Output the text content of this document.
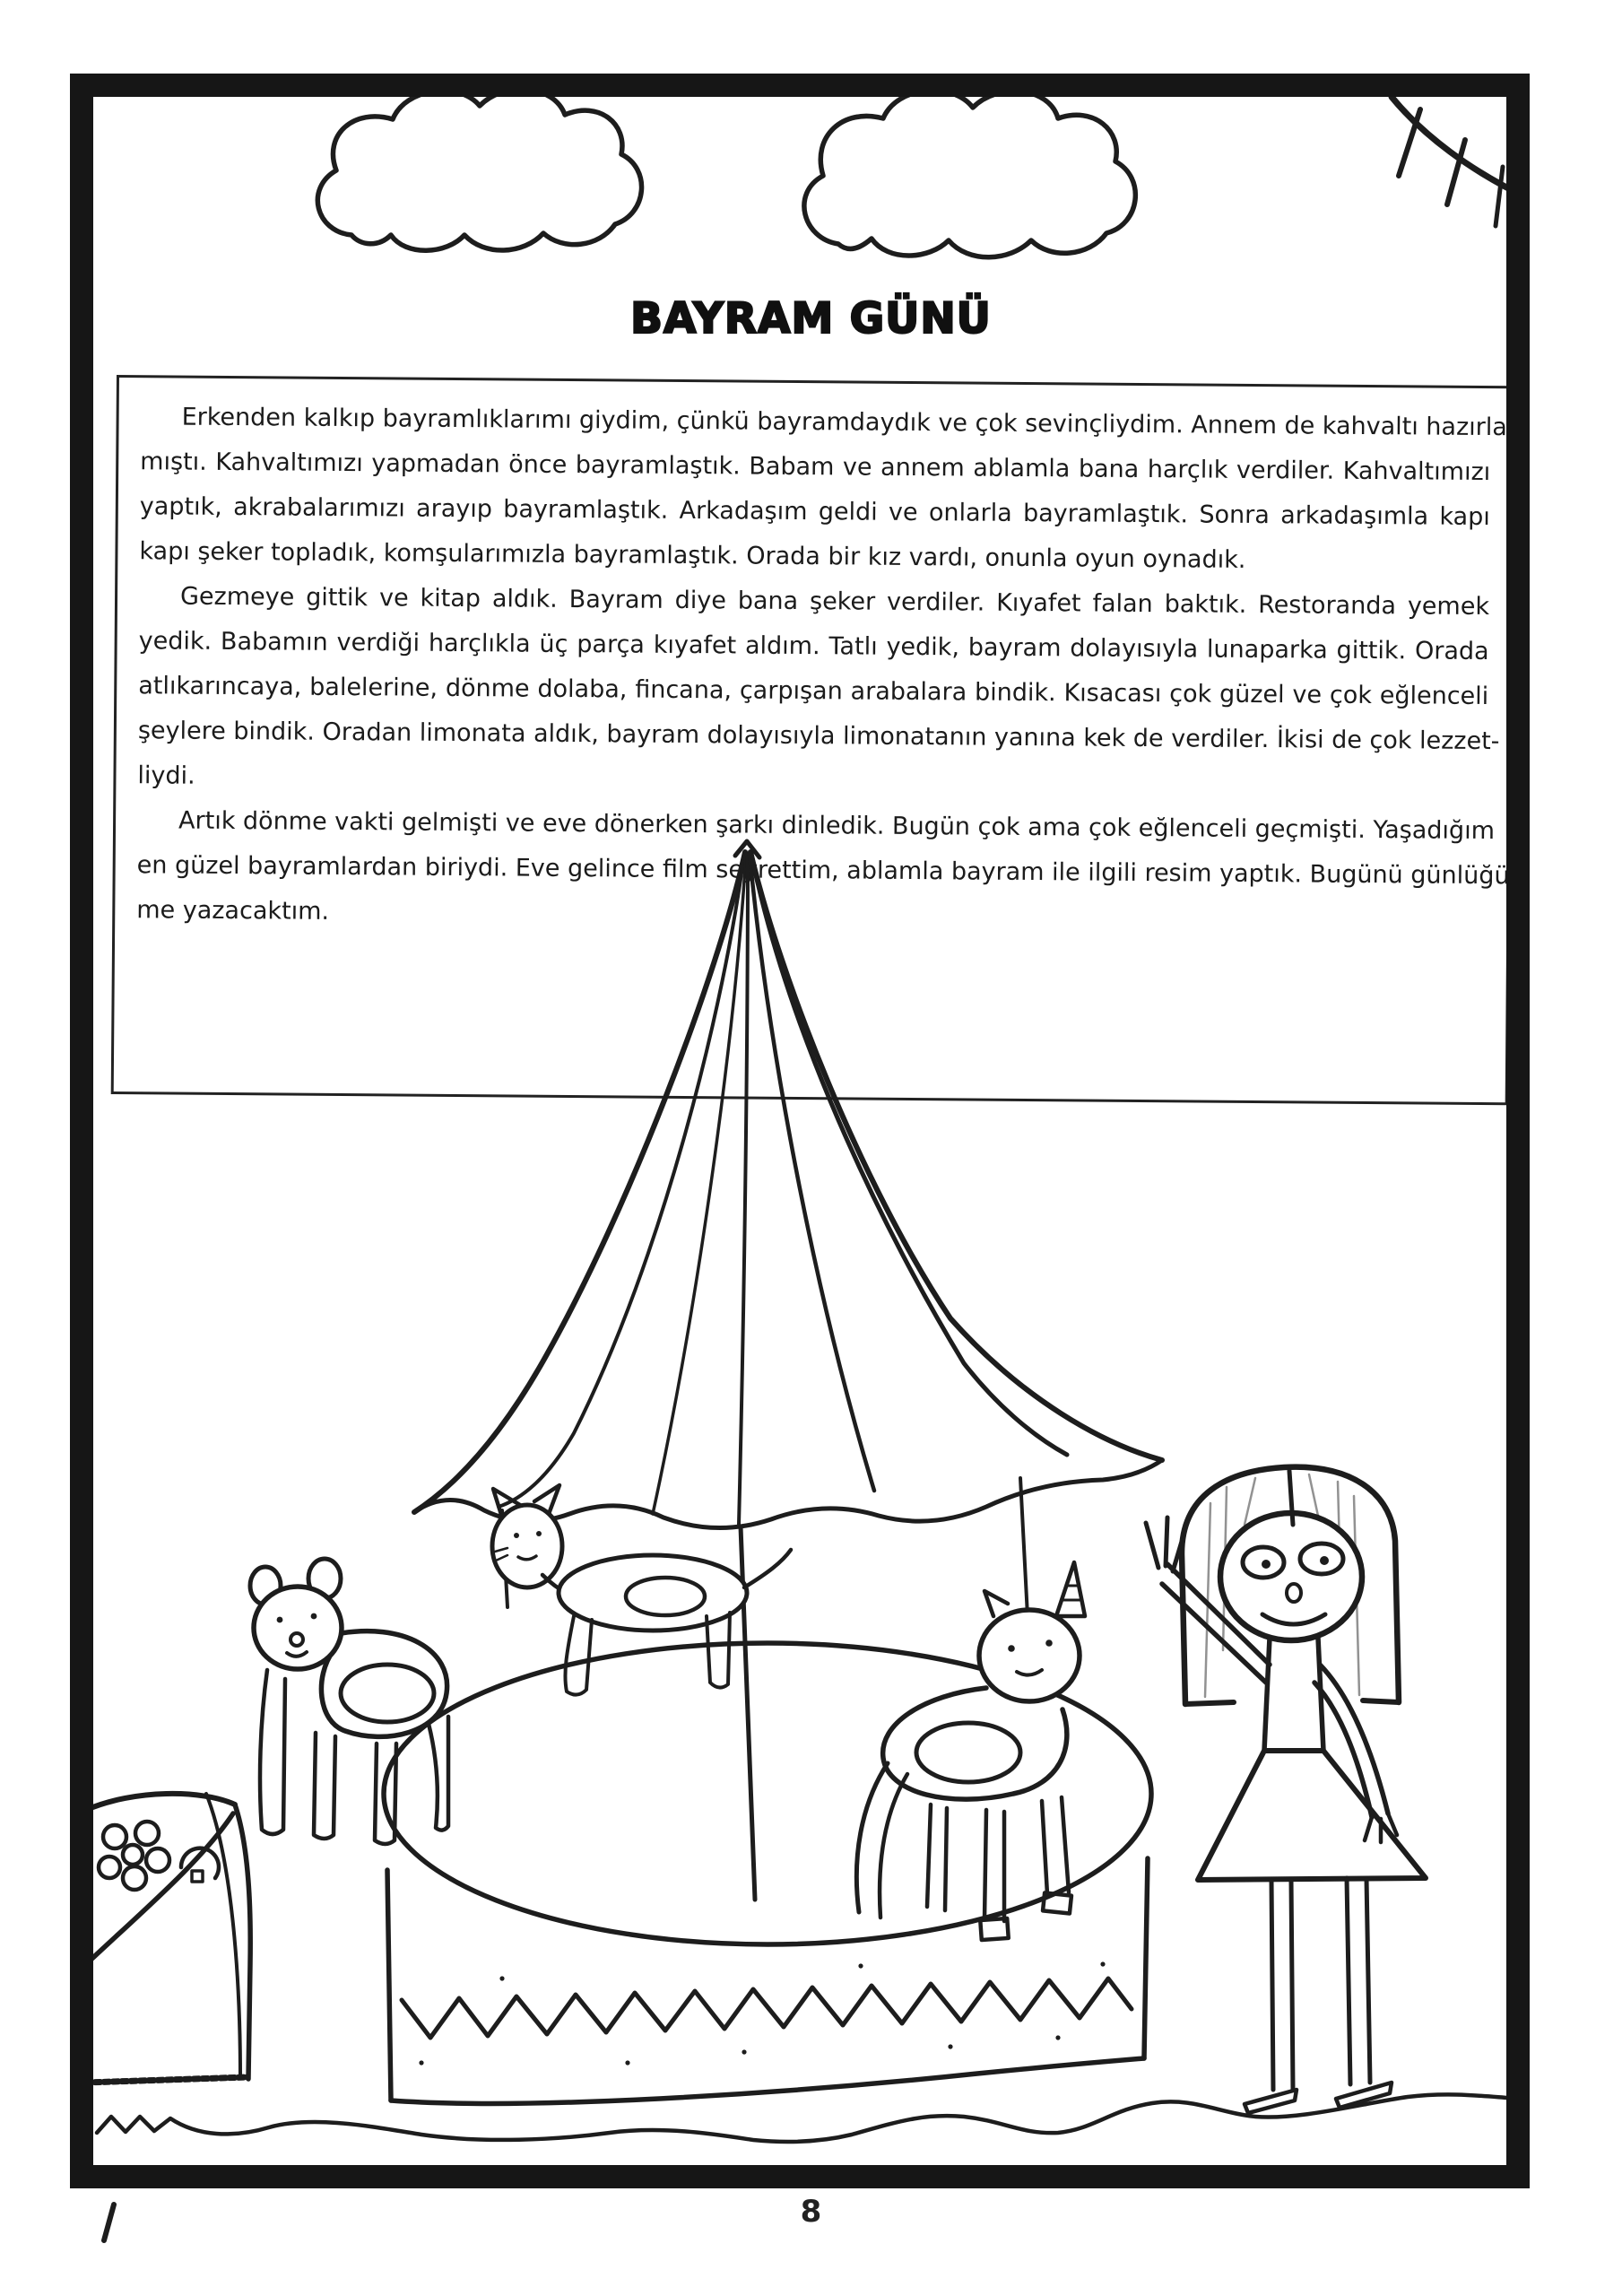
BAYRAM GÜNÜ
Erkenden kalkıp bayramlıklarımı giydim, çünkü bayramdaydık ve çok sevinçliydim. Annem de kahvaltı hazırla-
mıştı. Kahvaltımızı yapmadan önce bayramlaştık. Babam ve annem ablamla bana harçlık verdiler. Kahvaltımızı
yaptık, akrabalarımızı arayıp bayramlaştık. Arkadaşım geldi ve onlarla bayramlaştık. Sonra arkadaşımla kapı
kapı şeker topladık, komşularımızla bayramlaştık. Orada bir kız vardı, onunla oyun oynadık.
Gezmeye gittik ve kitap aldık. Bayram diye bana şeker verdiler. Kıyafet falan baktık. Restoranda yemek
yedik. Babamın verdiği harçlıkla üç parça kıyafet aldım. Tatlı yedik, bayram dolayısıyla lunaparka gittik. Orada
atlıkarıncaya, balelerine, dönme dolaba, fincana, çarpışan arabalara bindik. Kısacası çok güzel ve çok eğlenceli
şeylere bindik. Oradan limonata aldık, bayram dolayısıyla limonatanın yanına kek de verdiler. İkisi de çok lezzet-
liydi.
Artık dönme vakti gelmişti ve eve dönerken şarkı dinledik. Bugün çok ama çok eğlenceli geçmişti. Yaşadığım
en güzel bayramlardan biriydi. Eve gelince film seyrettim, ablamla bayram ile ilgili resim yaptık. Bugünü günlüğü-
me yazacaktım.
8
